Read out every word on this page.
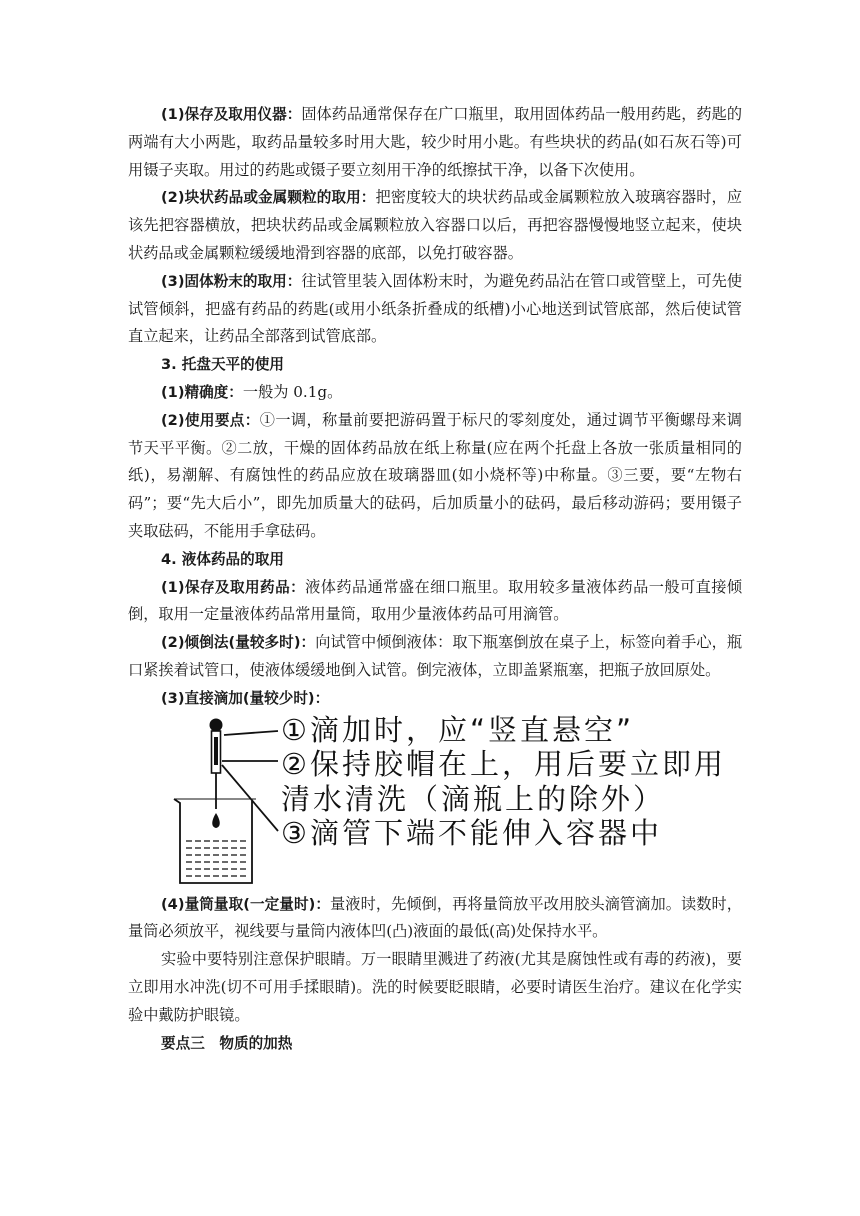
(1)保存及取用仪器：固体药品通常保存在广口瓶里，取用固体药品一般用药匙，药匙的两端有大小两匙，取药品量较多时用大匙，较少时用小匙。有些块状的药品(如石灰石等)可用镊子夹取。用过的药匙或镊子要立刻用干净的纸擦拭干净，以备下次使用。

(2)块状药品或金属颗粒的取用：把密度较大的块状药品或金属颗粒放入玻璃容器时，应该先把容器横放，把块状药品或金属颗粒放入容器口以后，再把容器慢慢地竖立起来，使块状药品或金属颗粒缓缓地滑到容器的底部，以免打破容器。

(3)固体粉末的取用：往试管里装入固体粉末时，为避免药品沾在管口或管壁上，可先使试管倾斜，把盛有药品的药匙(或用小纸条折叠成的纸槽)小心地送到试管底部，然后使试管直立起来，让药品全部落到试管底部。

3. 托盘天平的使用

(1)精确度：一般为 0.1g。

(2)使用要点：①一调，称量前要把游码置于标尺的零刻度处，通过调节平衡螺母来调节天平平衡。②二放，干燥的固体药品放在纸上称量(应在两个托盘上各放一张质量相同的纸)，易潮解、有腐蚀性的药品应放在玻璃器皿(如小烧杯等)中称量。③三要，要“左物右码”；要“先大后小”，即先加质量大的砝码，后加质量小的砝码，最后移动游码；要用镊子夹取砝码，不能用手拿砝码。

4. 液体药品的取用

(1)保存及取用药品：液体药品通常盛在细口瓶里。取用较多量液体药品一般可直接倾倒，取用一定量液体药品常用量筒，取用少量液体药品可用滴管。

(2)倾倒法(量较多时)：向试管中倾倒液体：取下瓶塞倒放在桌子上，标签向着手心，瓶口紧挨着试管口，使液体缓缓地倒入试管。倒完液体，立即盖紧瓶塞，把瓶子放回原处。

(3)直接滴加(量较少时)：

①滴加时，应“竖直悬空”
②保持胶帽在上，用后要立即用
清水清洗（滴瓶上的除外）
③滴管下端不能伸入容器中

(4)量筒量取(一定量时)：量液时，先倾倒，再将量筒放平改用胶头滴管滴加。读数时，量筒必须放平，视线要与量筒内液体凹(凸)液面的最低(高)处保持水平。

实验中要特别注意保护眼睛。万一眼睛里溅进了药液(尤其是腐蚀性或有毒的药液)，要立即用水冲洗(切不可用手揉眼睛)。洗的时候要眨眼睛，必要时请医生治疗。建议在化学实验中戴防护眼镜。

要点三　物质的加热
